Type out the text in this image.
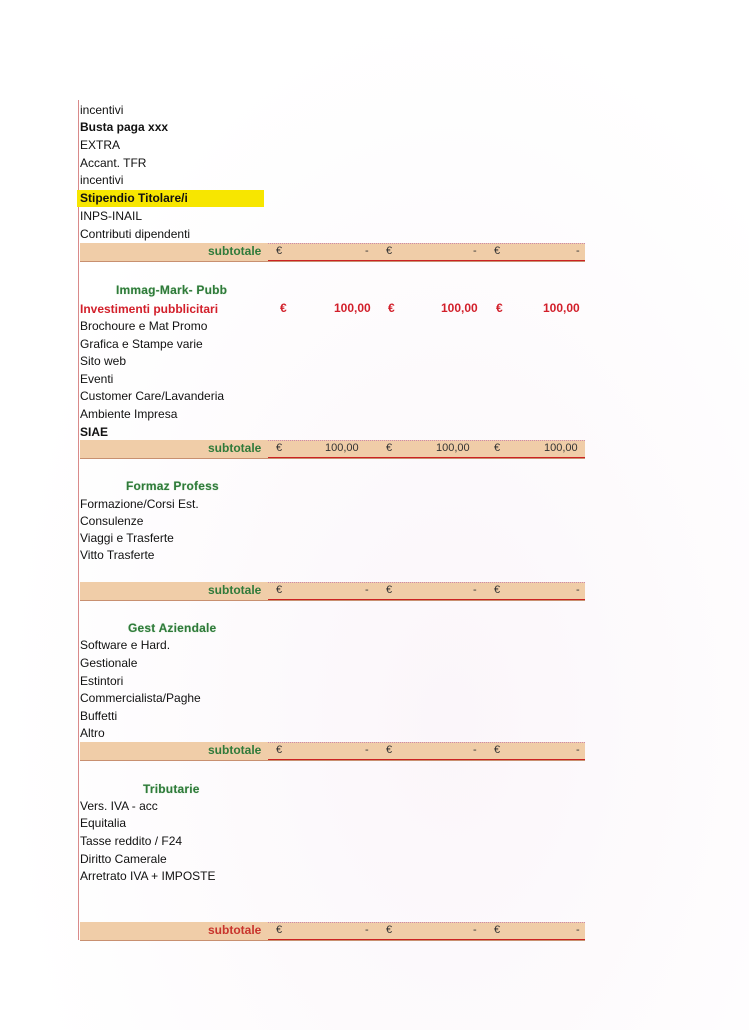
incentivi
Busta paga xxx
EXTRA
Accant. TFR
incentivi
Stipendio Titolare/i
INPS-INAIL
Contributi dipendenti
subtotale €	- €	- €	-
Immag-Mark- Pubb
Investimenti pubblicitari	€	100,00 €	100,00 €	100,00
Brochoure e Mat Promo
Grafica e Stampe varie
Sito web
Eventi
Customer Care/Lavanderia
Ambiente Impresa
SIAE
subtotale €	100,00 €	100,00 €	100,00
Formaz Profess
Formazione/Corsi Est.
Consulenze
Viaggi e Trasferte
Vitto Trasferte
subtotale €	- €	- €	-
Gest Aziendale
Software e Hard.
Gestionale
Estintori
Commercialista/Paghe
Buffetti
Altro
subtotale €	- €	- €	-
Tributarie
Vers. IVA - acc
Equitalia
Tasse reddito / F24
Diritto Camerale
Arretrato IVA + IMPOSTE
subtotale €	- €	- €	-
